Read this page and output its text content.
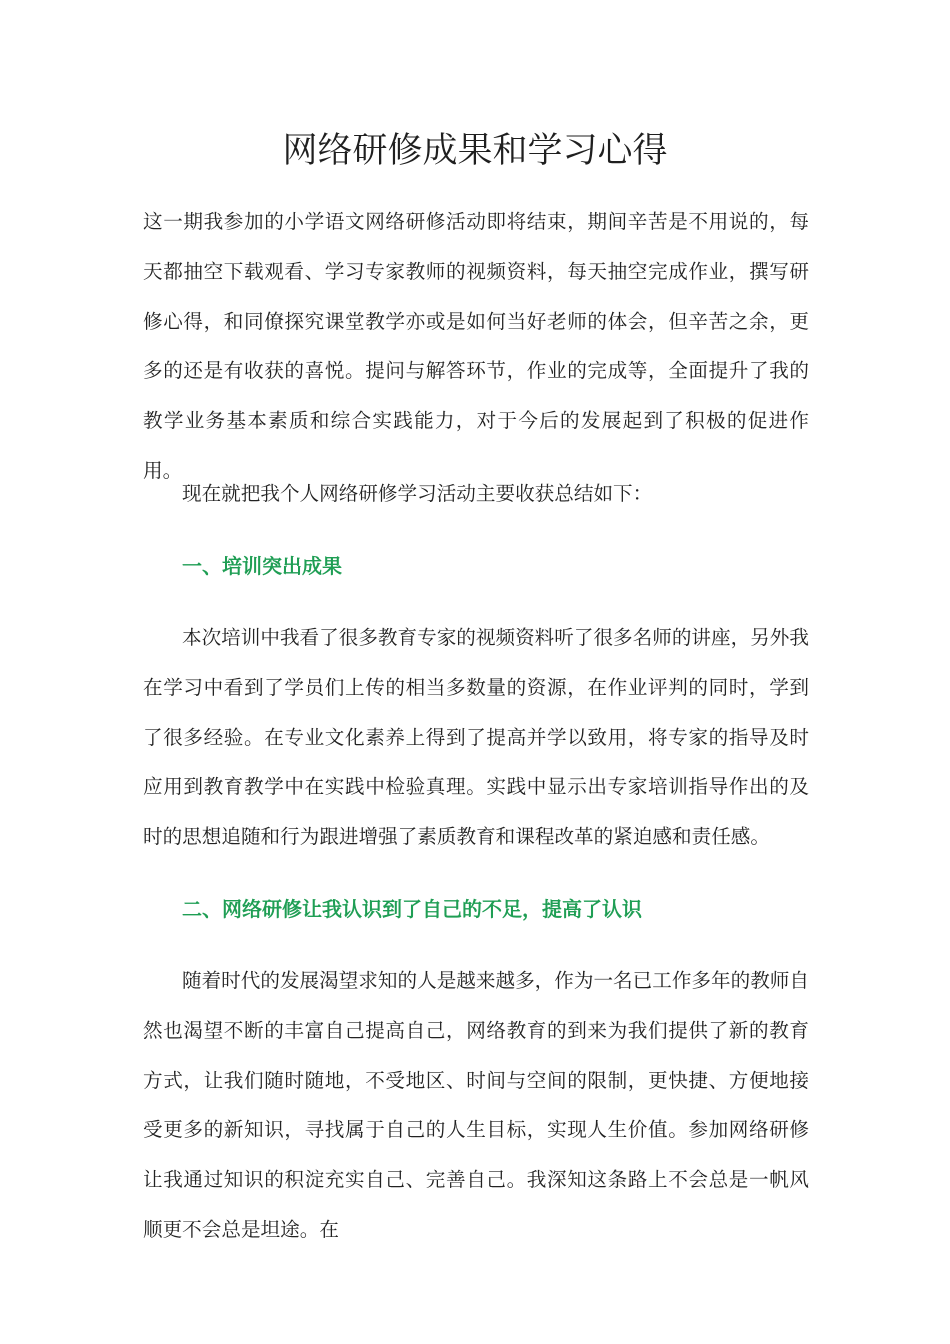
网络研修成果和学习心得

这一期我参加的小学语文网络研修活动即将结束，期间辛苦是不用说的，每天都抽空下载观看、学习专家教师的视频资料，每天抽空完成作业，撰写研修心得，和同僚探究课堂教学亦或是如何当好老师的体会，但辛苦之余，更多的还是有收获的喜悦。提问与解答环节，作业的完成等，全面提升了我的教学业务基本素质和综合实践能力，对于今后的发展起到了积极的促进作用。

现在就把我个人网络研修学习活动主要收获总结如下：

一、培训突出成果

本次培训中我看了很多教育专家的视频资料听了很多名师的讲座，另外我在学习中看到了学员们上传的相当多数量的资源，在作业评判的同时，学到了很多经验。在专业文化素养上得到了提高并学以致用，将专家的指导及时应用到教育教学中在实践中检验真理。实践中显示出专家培训指导作出的及时的思想追随和行为跟进增强了素质教育和课程改革的紧迫感和责任感。

二、网络研修让我认识到了自己的不足，提高了认识

随着时代的发展渴望求知的人是越来越多，作为一名已工作多年的教师自然也渴望不断的丰富自己提高自己，网络教育的到来为我们提供了新的教育方式，让我们随时随地，不受地区、时间与空间的限制，更快捷、方便地接受更多的新知识，寻找属于自己的人生目标，实现人生价值。参加网络研修让我通过知识的积淀充实自己、完善自己。我深知这条路上不会总是一帆风顺更不会总是坦途。在
